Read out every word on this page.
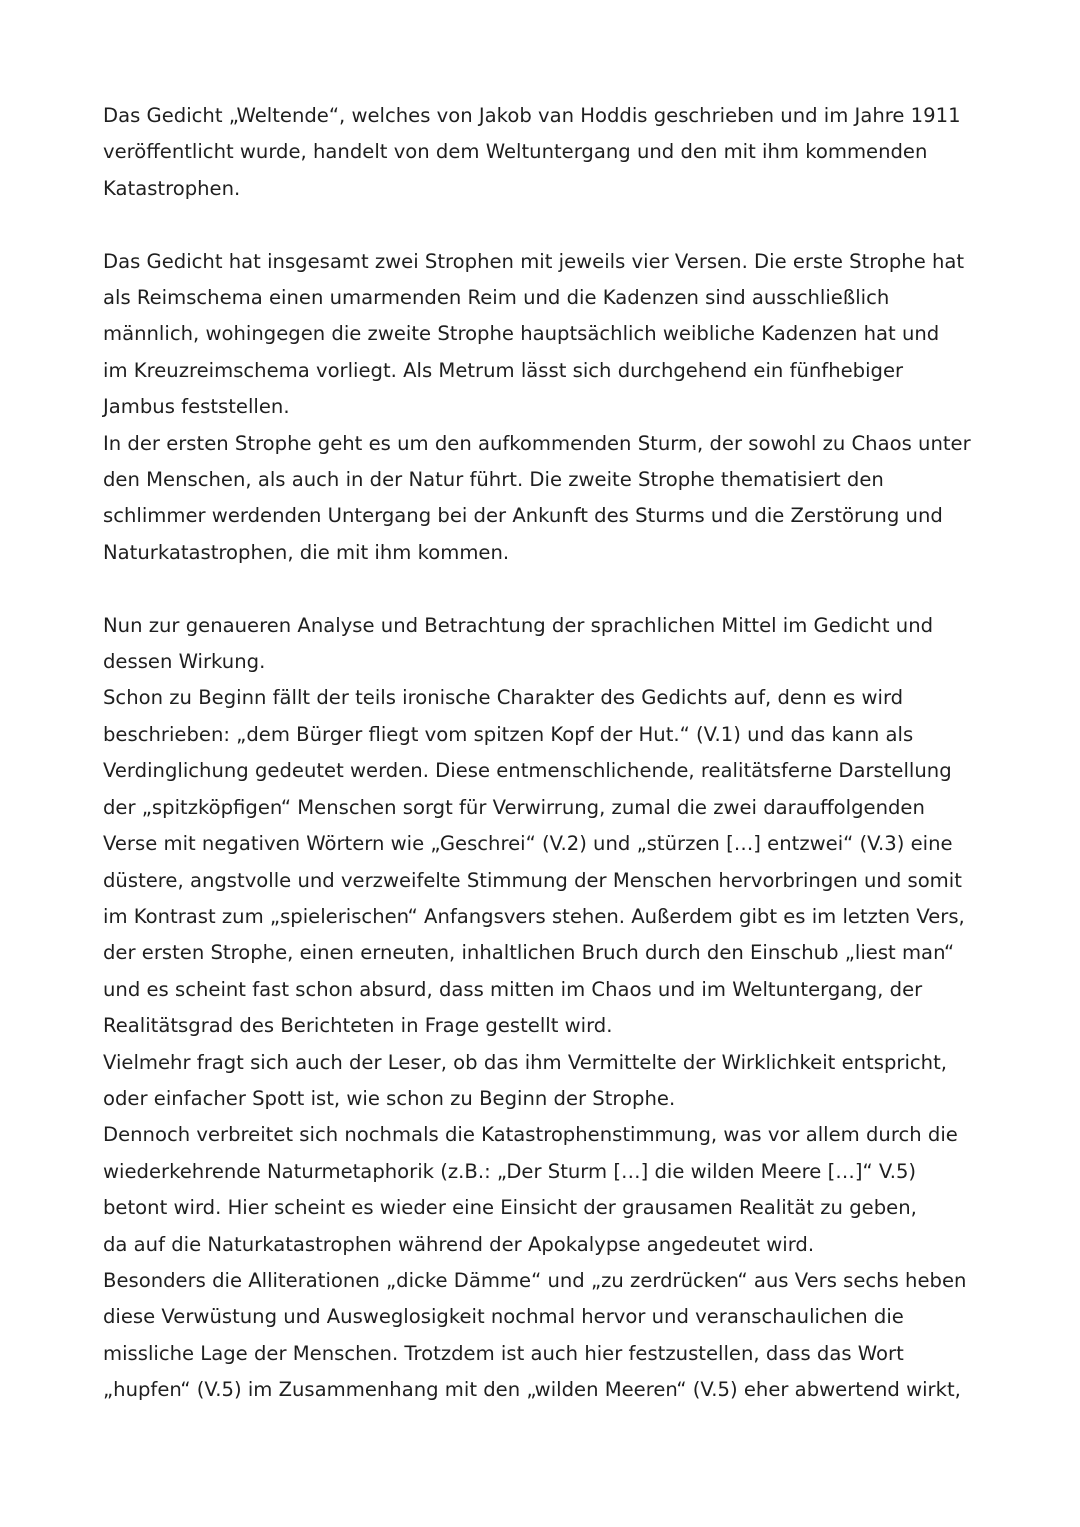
Das Gedicht „Weltende“, welches von Jakob van Hoddis geschrieben und im Jahre 1911
veröffentlicht wurde, handelt von dem Weltuntergang und den mit ihm kommenden
Katastrophen.
Das Gedicht hat insgesamt zwei Strophen mit jeweils vier Versen. Die erste Strophe hat
als Reimschema einen umarmenden Reim und die Kadenzen sind ausschließlich
männlich, wohingegen die zweite Strophe hauptsächlich weibliche Kadenzen hat und
im Kreuzreimschema vorliegt. Als Metrum lässt sich durchgehend ein fünfhebiger
Jambus feststellen.
In der ersten Strophe geht es um den aufkommenden Sturm, der sowohl zu Chaos unter
den Menschen, als auch in der Natur führt. Die zweite Strophe thematisiert den
schlimmer werdenden Untergang bei der Ankunft des Sturms und die Zerstörung und
Naturkatastrophen, die mit ihm kommen.
Nun zur genaueren Analyse und Betrachtung der sprachlichen Mittel im Gedicht und
dessen Wirkung.
Schon zu Beginn fällt der teils ironische Charakter des Gedichts auf, denn es wird
beschrieben: „dem Bürger fliegt vom spitzen Kopf der Hut.“ (V.1) und das kann als
Verdinglichung gedeutet werden. Diese entmenschlichende, realitätsferne Darstellung
der „spitzköpfigen“ Menschen sorgt für Verwirrung, zumal die zwei darauffolgenden
Verse mit negativen Wörtern wie „Geschrei“ (V.2) und „stürzen […] entzwei“ (V.3) eine
düstere, angstvolle und verzweifelte Stimmung der Menschen hervorbringen und somit
im Kontrast zum „spielerischen“ Anfangsvers stehen. Außerdem gibt es im letzten Vers,
der ersten Strophe, einen erneuten, inhaltlichen Bruch durch den Einschub „liest man“
und es scheint fast schon absurd, dass mitten im Chaos und im Weltuntergang, der
Realitätsgrad des Berichteten in Frage gestellt wird.
Vielmehr fragt sich auch der Leser, ob das ihm Vermittelte der Wirklichkeit entspricht,
oder einfacher Spott ist, wie schon zu Beginn der Strophe.
Dennoch verbreitet sich nochmals die Katastrophenstimmung, was vor allem durch die
wiederkehrende Naturmetaphorik (z.B.: „Der Sturm […] die wilden Meere […]“ V.5)
betont wird. Hier scheint es wieder eine Einsicht der grausamen Realität zu geben,
da auf die Naturkatastrophen während der Apokalypse angedeutet wird.
Besonders die Alliterationen „dicke Dämme“ und „zu zerdrücken“ aus Vers sechs heben
diese Verwüstung und Ausweglosigkeit nochmal hervor und veranschaulichen die
missliche Lage der Menschen. Trotzdem ist auch hier festzustellen, dass das Wort
„hupfen“ (V.5) im Zusammenhang mit den „wilden Meeren“ (V.5) eher abwertend wirkt,
